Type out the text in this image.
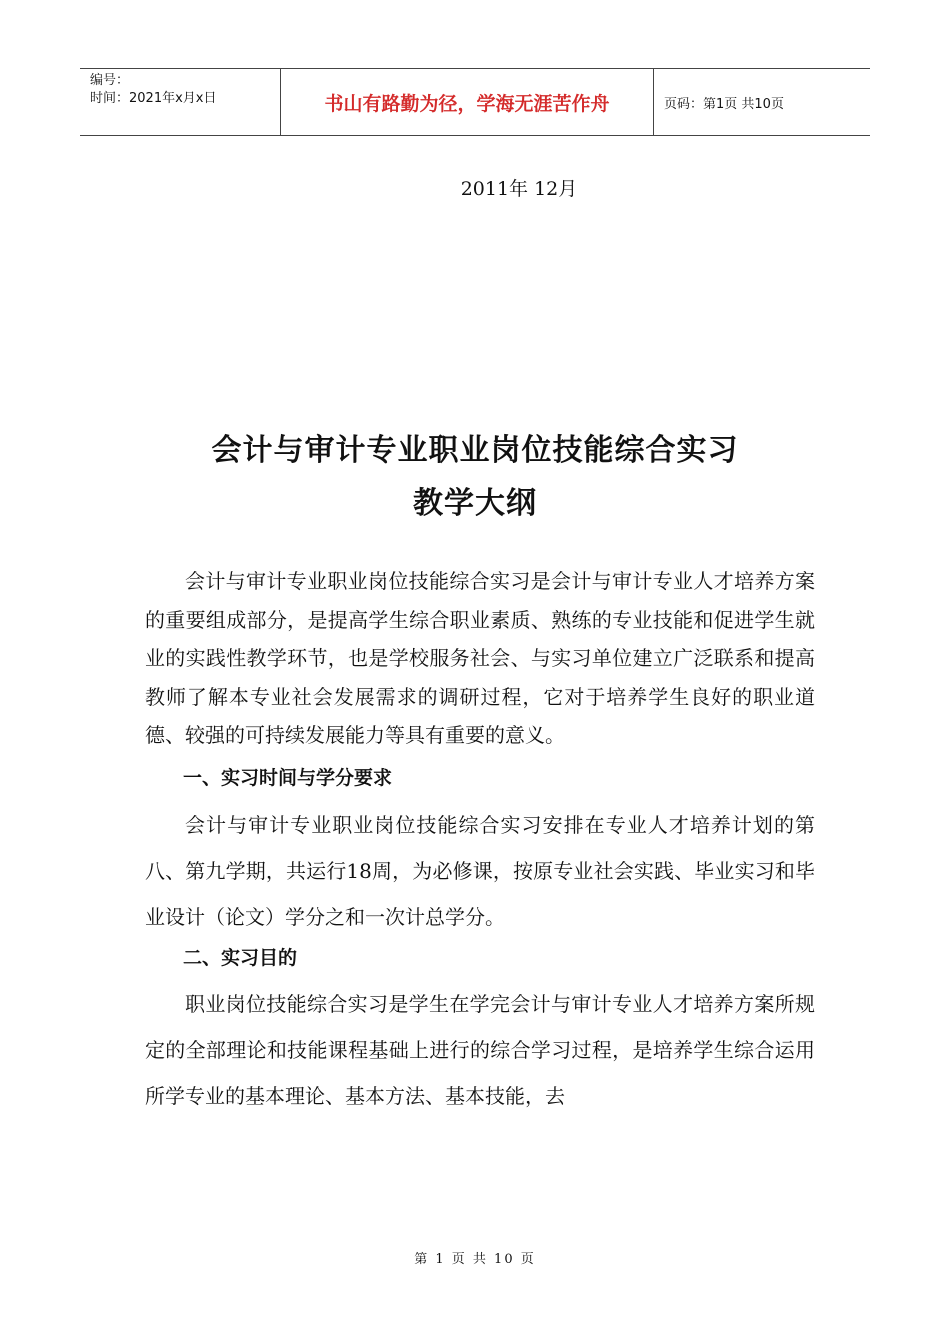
编号：
时间：2021年x月x日	书山有路勤为径，学海无涯苦作舟	页码：第1页 共10页
2011年 12月
会计与审计专业职业岗位技能综合实习
教学大纲

会计与审计专业职业岗位技能综合实习是会计与审计专业人才培养方案的重要组成部分，是提高学生综合职业素质、熟练的专业技能和促进学生就业的实践性教学环节，也是学校服务社会、与实习单位建立广泛联系和提高教师了解本专业社会发展需求的调研过程，它对于培养学生良好的职业道德、较强的可持续发展能力等具有重要的意义。

一、实习时间与学分要求

会计与审计专业职业岗位技能综合实习安排在专业人才培养计划的第八、第九学期，共运行18周，为必修课，按原专业社会实践、毕业实习和毕业设计（论文）学分之和一次计总学分。

二、实习目的

职业岗位技能综合实习是学生在学完会计与审计专业人才培养方案所规定的全部理论和技能课程基础上进行的综合学习过程，是培养学生综合运用所学专业的基本理论、基本方法、基本技能，去

第 1 页 共 10 页
